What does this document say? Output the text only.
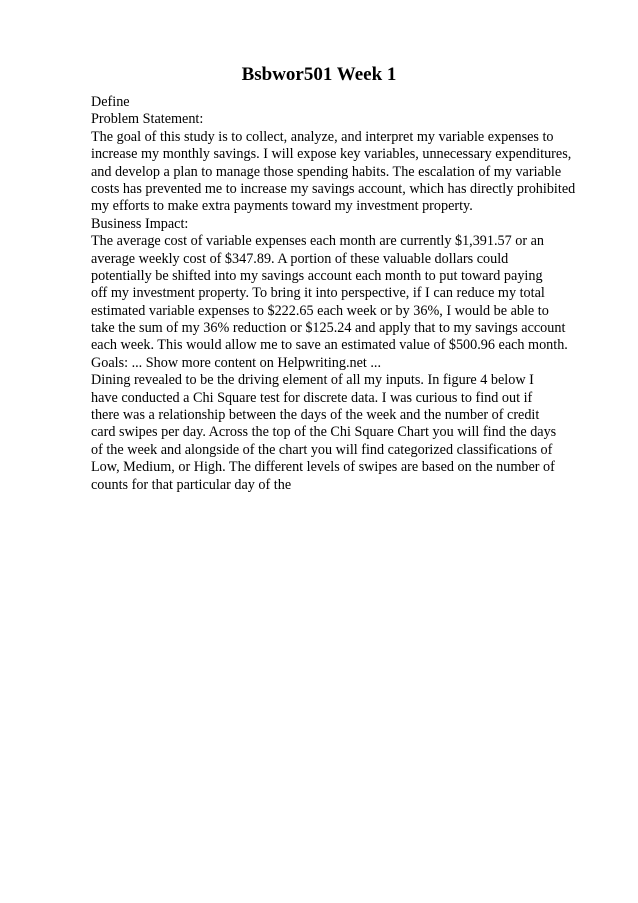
Bsbwor501 Week 1
Define
Problem Statement:
The goal of this study is to collect, analyze, and interpret my variable expenses to
increase my monthly savings. I will expose key variables, unnecessary expenditures,
and develop a plan to manage those spending habits. The escalation of my variable
costs has prevented me to increase my savings account, which has directly prohibited
my efforts to make extra payments toward my investment property.
Business Impact:
The average cost of variable expenses each month are currently $1,391.57 or an
average weekly cost of $347.89. A portion of these valuable dollars could
potentially be shifted into my savings account each month to put toward paying
off my investment property. To bring it into perspective, if I can reduce my total
estimated variable expenses to $222.65 each week or by 36%, I would be able to
take the sum of my 36% reduction or $125.24 and apply that to my savings account
each week. This would allow me to save an estimated value of $500.96 each month.
Goals: ... Show more content on Helpwriting.net ...
Dining revealed to be the driving element of all my inputs. In figure 4 below I
have conducted a Chi Square test for discrete data. I was curious to find out if
there was a relationship between the days of the week and the number of credit
card swipes per day. Across the top of the Chi Square Chart you will find the days
of the week and alongside of the chart you will find categorized classifications of
Low, Medium, or High. The different levels of swipes are based on the number of
counts for that particular day of the
